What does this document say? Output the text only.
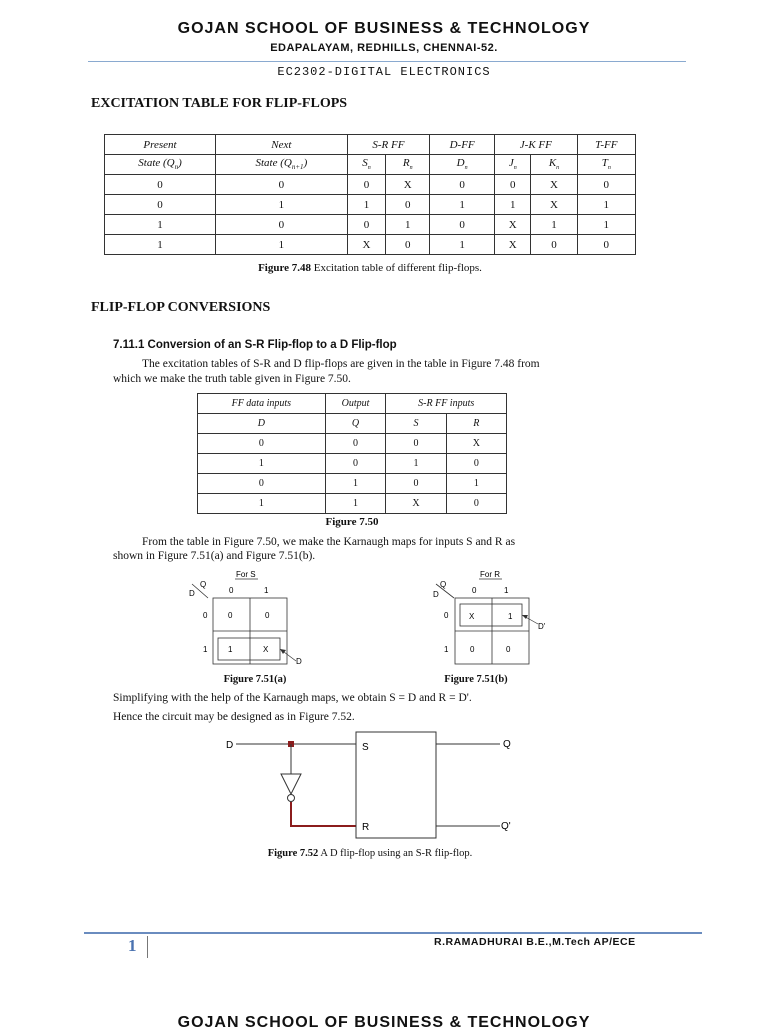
GOJAN SCHOOL OF BUSINESS & TECHNOLOGY
EDAPALAYAM, REDHILLS, CHENNAI-52.
EC2302-DIGITAL ELECTRONICS
EXCITATION TABLE FOR FLIP-FLOPS
Present	Next	S-R FF		D-FF	J-K FF		T-FF
State $(Q_n)$	State $(Q_{n+1})$	$S_n$	$R_n$	$D_n$	$J_n$	$K_n$	$T_n$
0	0	0	X	0	0	X	0
0	1	1	0	1	1	X	1
1	0	0	1	0	X	1	1
1	1	X	0	1	X	0	0
Figure 7.48 Excitation table of different flip-flops.
FLIP-FLOP CONVERSIONS
7.11.1 Conversion of an S-R Flip-flop to a D Flip-flop
The excitation tables of S-R and D flip-flops are given in the table in Figure 7.48 from
which we make the truth table given in Figure 7.50.
FF data inputs	Output	S-R FF inputs	
D	Q	S	R
0	0	0	X
1	0	1	0
0	1	0	1
1	1	X	0
Figure 7.50
From the table in Figure 7.50, we make the Karnaugh maps for inputs S and R as
shown in Figure 7.51(a) and Figure 7.51(b).
For S
Q
D	0	1
0
1
0	0
1	X
D
Figure 7.51(a)
For R
Q
D	0	1
0
1
X	1
0	0
D'
Figure 7.51(b)
Simplifying with the help of the Karnaugh maps, we obtain S = D and R = D'.
Hence the circuit may be designed as in Figure 7.52.
D	S
R
Q
Q'
Figure 7.52 A D flip-flop using an S-R flip-flop.
1	R.RAMADHURAI B.E.,M.Tech AP/ECE
GOJAN SCHOOL OF BUSINESS & TECHNOLOGY
